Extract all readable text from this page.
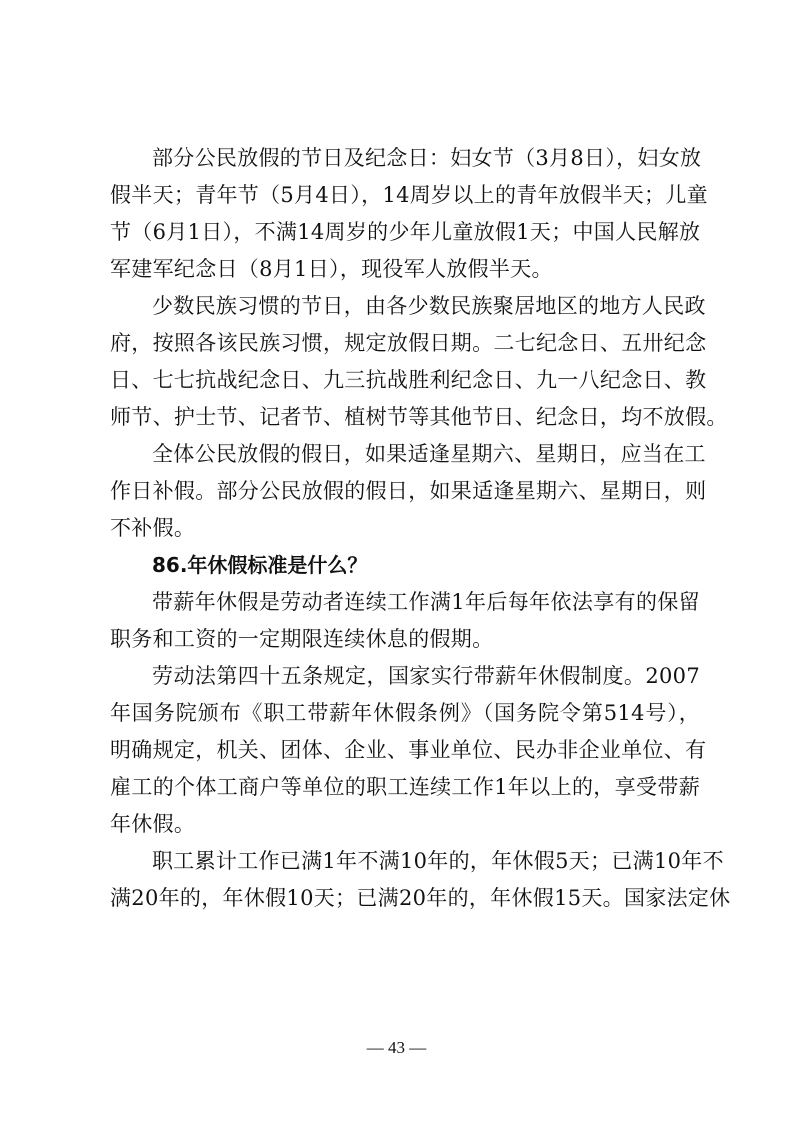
部分公民放假的节日及纪念日：妇女节（3月8日），妇女放
假半天；青年节（5月4日），14周岁以上的青年放假半天；儿童
节（6月1日），不满14周岁的少年儿童放假1天；中国人民解放
军建军纪念日（8月1日），现役军人放假半天。
少数民族习惯的节日，由各少数民族聚居地区的地方人民政
府，按照各该民族习惯，规定放假日期。二七纪念日、五卅纪念
日、七七抗战纪念日、九三抗战胜利纪念日、九一八纪念日、教
师节、护士节、记者节、植树节等其他节日、纪念日，均不放假。
全体公民放假的假日，如果适逢星期六、星期日，应当在工
作日补假。部分公民放假的假日，如果适逢星期六、星期日，则
不补假。
86.年休假标准是什么？
带薪年休假是劳动者连续工作满1年后每年依法享有的保留
职务和工资的一定期限连续休息的假期。
劳动法第四十五条规定，国家实行带薪年休假制度。2007
年国务院颁布《职工带薪年休假条例》（国务院令第514号），
明确规定，机关、团体、企业、事业单位、民办非企业单位、有
雇工的个体工商户等单位的职工连续工作1年以上的，享受带薪
年休假。
职工累计工作已满1年不满10年的，年休假5天；已满10年不
满20年的，年休假10天；已满20年的，年休假15天。国家法定休
— 43 —
